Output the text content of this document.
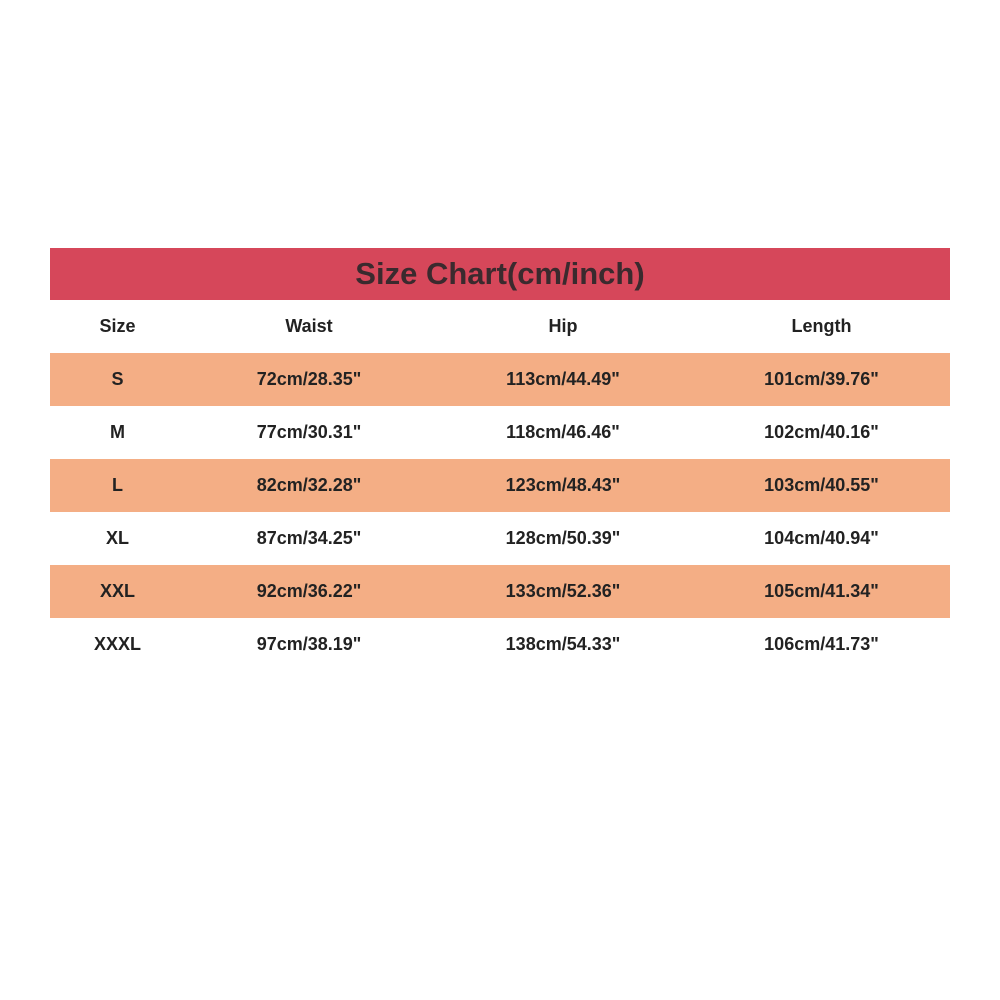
Size Chart(cm/inch)
Size	Waist	Hip	Length
S	72cm/28.35"	113cm/44.49"	101cm/39.76"
M	77cm/30.31"	118cm/46.46"	102cm/40.16"
L	82cm/32.28"	123cm/48.43"	103cm/40.55"
XL	87cm/34.25"	128cm/50.39"	104cm/40.94"
XXL	92cm/36.22"	133cm/52.36"	105cm/41.34"
XXXL	97cm/38.19"	138cm/54.33"	106cm/41.73"
